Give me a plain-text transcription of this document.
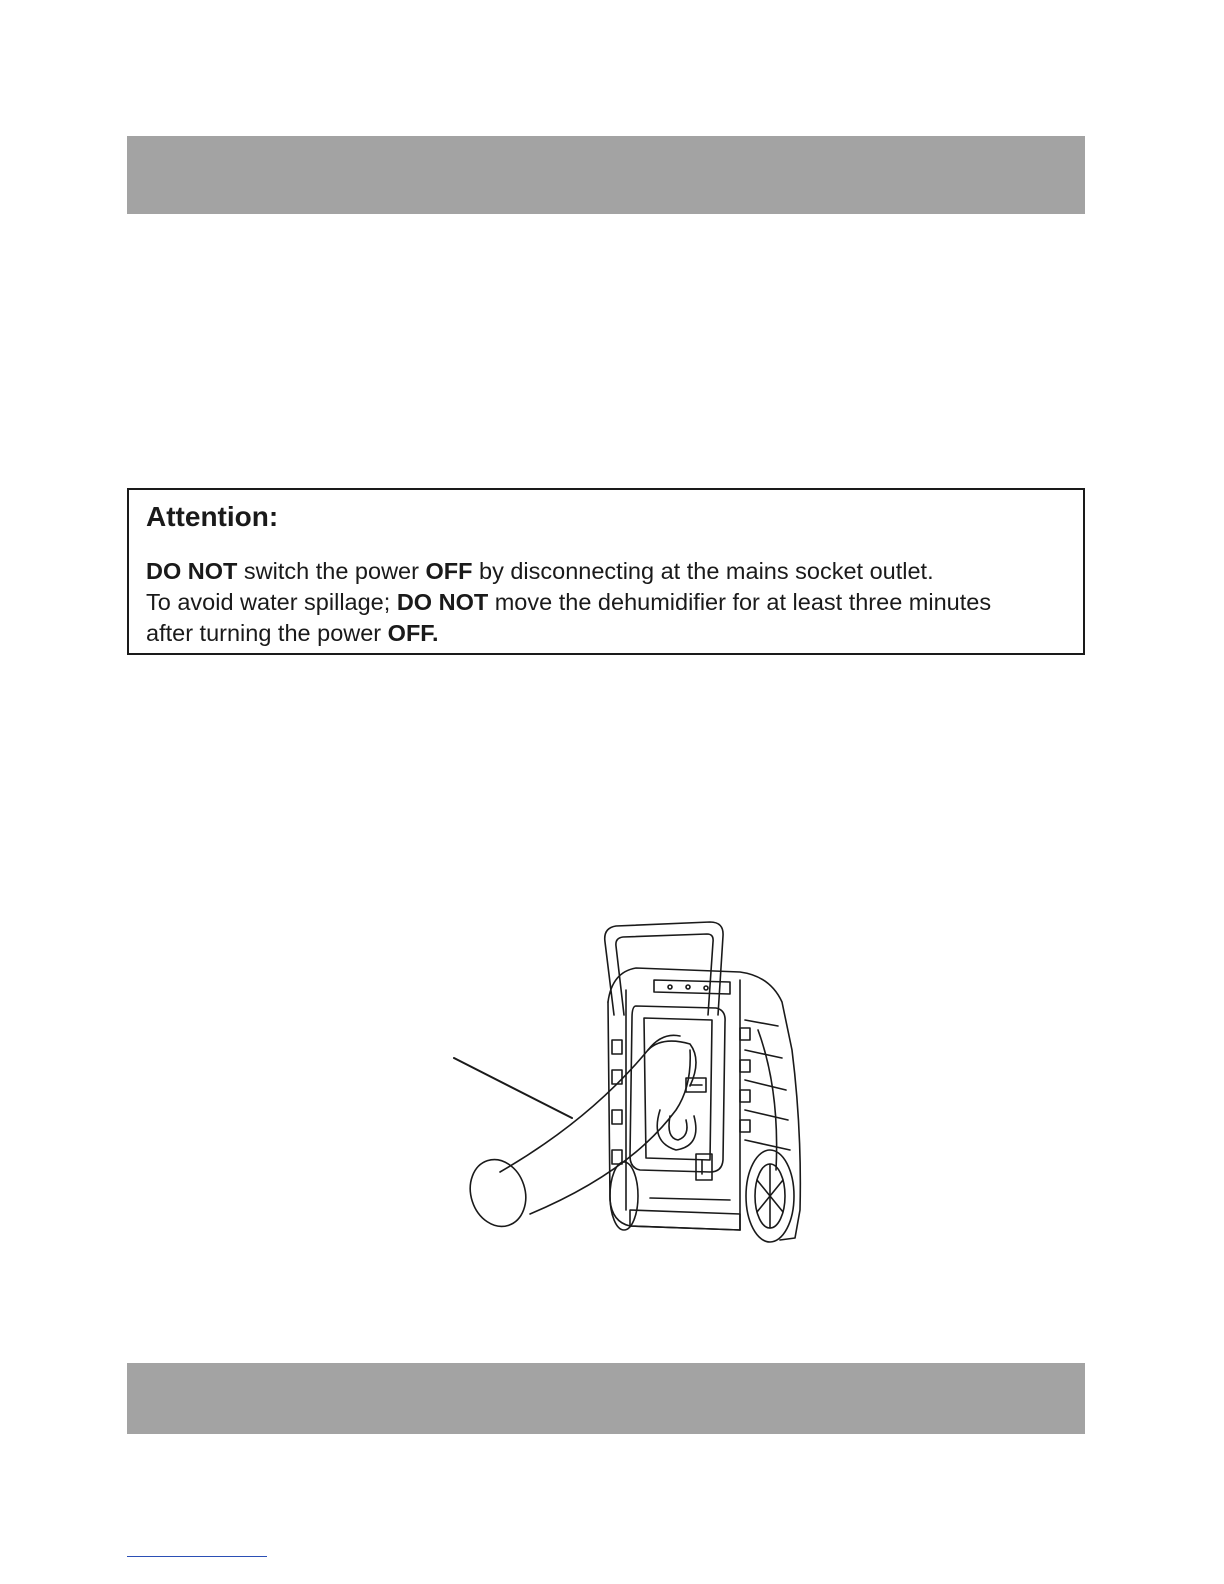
Attention:

DO NOT switch the power OFF by disconnecting at the mains socket outlet.

To avoid water spillage; DO NOT move the dehumidifier for at least three minutes

after turning the power OFF.
